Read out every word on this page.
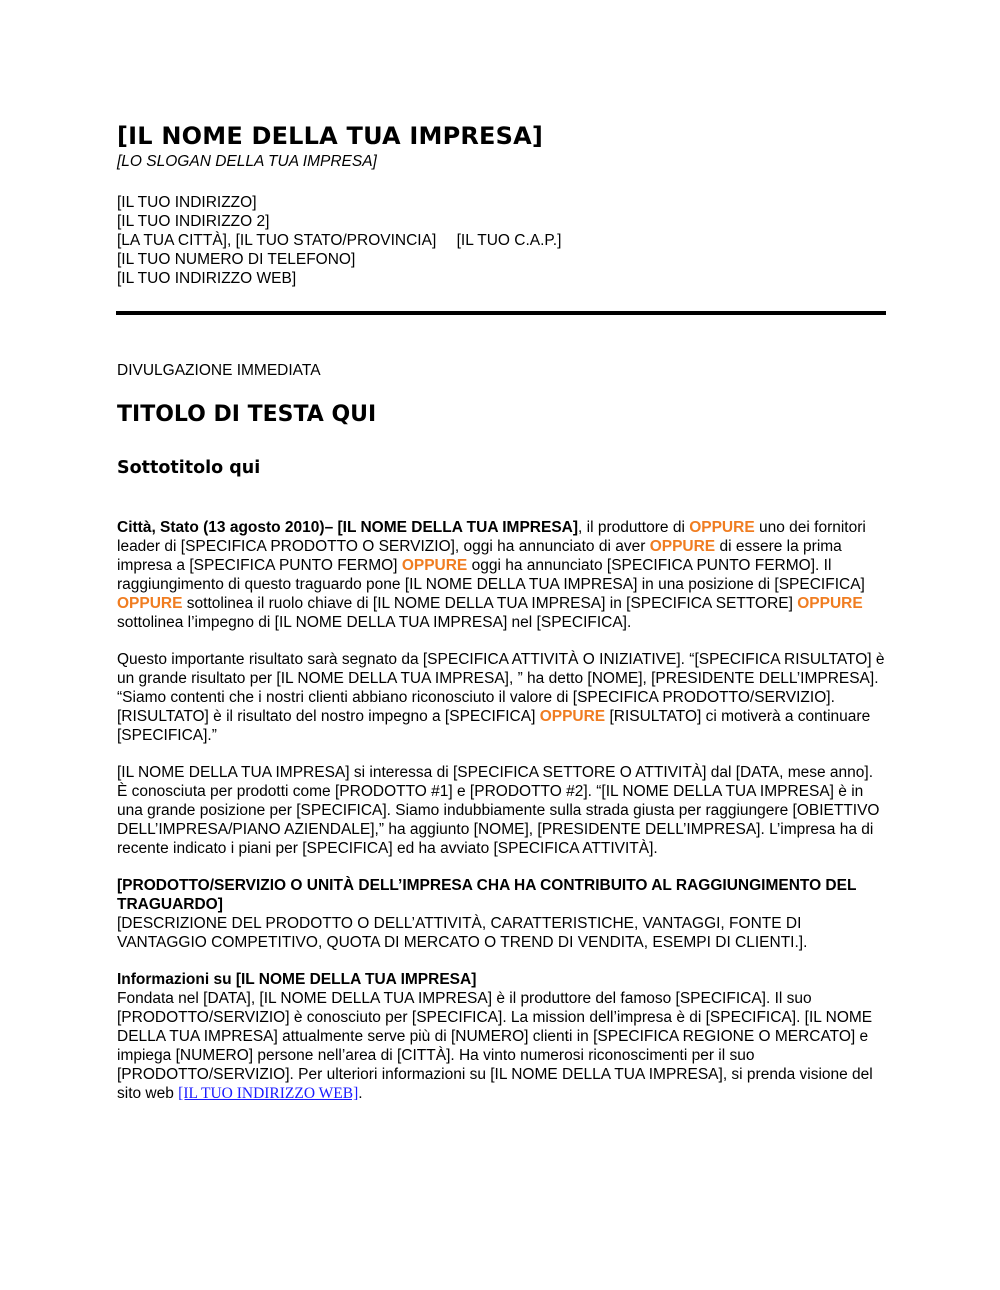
[IL NOME DELLA TUA IMPRESA]
[LO SLOGAN DELLA TUA IMPRESA]
[IL TUO INDIRIZZO]
[IL TUO INDIRIZZO 2]
[LA TUA CITTÀ], [IL TUO STATO/PROVINCIA] [IL TUO C.A.P.]
[IL TUO NUMERO DI TELEFONO]
[IL TUO INDIRIZZO WEB]
DIVULGAZIONE IMMEDIATA
TITOLO DI TESTA QUI
Sottotitolo qui

Città, Stato (13 agosto 2010)– [IL NOME DELLA TUA IMPRESA], il produttore di OPPURE uno dei fornitori leader di [SPECIFICA PRODOTTO O SERVIZIO], oggi ha annunciato di aver OPPURE di essere la prima impresa a [SPECIFICA PUNTO FERMO] OPPURE oggi ha annunciato [SPECIFICA PUNTO FERMO]. Il raggiungimento di questo traguardo pone [IL NOME DELLA TUA IMPRESA] in una posizione di [SPECIFICA] OPPURE sottolinea il ruolo chiave di [IL NOME DELLA TUA IMPRESA] in [SPECIFICA SETTORE] OPPURE sottolinea l’impegno di [IL NOME DELLA TUA IMPRESA] nel [SPECIFICA].

Questo importante risultato sarà segnato da [SPECIFICA ATTIVITÀ O INIZIATIVE]. “[SPECIFICA RISULTATO] è un grande risultato per [IL NOME DELLA TUA IMPRESA], ” ha detto [NOME], [PRESIDENTE DELL’IMPRESA]. “Siamo contenti che i nostri clienti abbiano riconosciuto il valore di [SPECIFICA PRODOTTO/SERVIZIO]. [RISULTATO] è il risultato del nostro impegno a [SPECIFICA] OPPURE [RISULTATO] ci motiverà a continuare [SPECIFICA].”

[IL NOME DELLA TUA IMPRESA] si interessa di [SPECIFICA SETTORE O ATTIVITÀ] dal [DATA, mese anno]. È conosciuta per prodotti come [PRODOTTO #1] e [PRODOTTO #2]. “[IL NOME DELLA TUA IMPRESA] è in una grande posizione per [SPECIFICA]. Siamo indubbiamente sulla strada giusta per raggiungere [OBIETTIVO DELL’IMPRESA/PIANO AZIENDALE],” ha aggiunto [NOME], [PRESIDENTE DELL’IMPRESA]. L’impresa ha di recente indicato i piani per [SPECIFICA] ed ha avviato [SPECIFICA ATTIVITÀ].

[PRODOTTO/SERVIZIO O UNITÀ DELL’IMPRESA CHA HA CONTRIBUITO AL RAGGIUNGIMENTO DEL TRAGUARDO]
[DESCRIZIONE DEL PRODOTTO O DELL’ATTIVITÀ, CARATTERISTICHE, VANTAGGI, FONTE DI VANTAGGIO COMPETITIVO, QUOTA DI MERCATO O TREND DI VENDITA, ESEMPI DI CLIENTI.].

Informazioni su [IL NOME DELLA TUA IMPRESA]
Fondata nel [DATA], [IL NOME DELLA TUA IMPRESA] è il produttore del famoso [SPECIFICA]. Il suo [PRODOTTO/SERVIZIO] è conosciuto per [SPECIFICA]. La mission dell’impresa è di [SPECIFICA]. [IL NOME DELLA TUA IMPRESA] attualmente serve più di [NUMERO] clienti in [SPECIFICA REGIONE O MERCATO] e impiega [NUMERO] persone nell’area di [CITTÀ]. Ha vinto numerosi riconoscimenti per il suo [PRODOTTO/SERVIZIO]. Per ulteriori informazioni su [IL NOME DELLA TUA IMPRESA], si prenda visione del sito web [IL TUO INDIRIZZO WEB].
